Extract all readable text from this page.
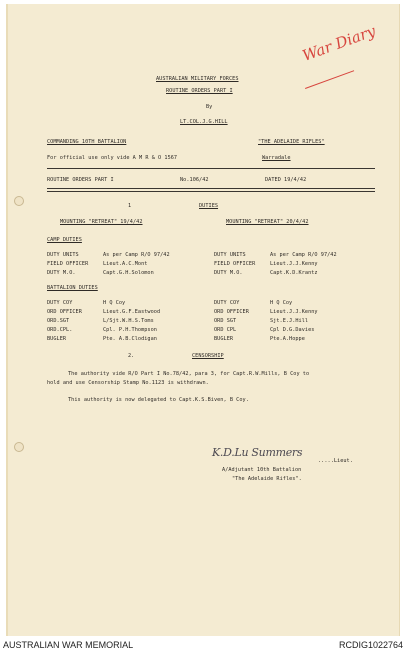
AUSTRALIAN MILITARY FORCES
ROUTINE ORDERS PART I
By
LT.COL.J.G.HILL
COMMANDING 10TH BATTALION	"THE ADELAIDE RIFLES"
For official use only vide A M R & O 1567	Warradale
ROUTINE ORDERS PART I	No.106/42	DATED 19/4/42
War Diary
1	DUTIES
MOUNTING "RETREAT" 19/4/42	MOUNTING "RETREAT" 20/4/42
CAMP DUTIES
DUTY UNITS	As per Camp R/O 97/42
FIELD OFFICER	Lieut.A.C.Mont
DUTY M.O.	Capt.G.H.Solomon
DUTY UNITS	As per Camp R/O 97/42
FIELD OFFICER	Lieut.J.J.Kenny
DUTY M.O.	Capt.K.D.Krantz
BATTALION DUTIES
DUTY COY	H Q Coy
ORD OFFICER	Lieut.G.F.Eastwood
ORD.SGT	L/Sjt.W.H.S.Toms
ORD.CPL.	Cpl. P.H.Thompson
BUGLER	Pte. A.B.Clodigan
DUTY COY	H Q Coy
ORD OFFICER	Lieut.J.J.Kenny
ORD SGT	Sjt.E.J.Hill
ORD CPL	Cpl D.G.Davies
BUGLER	Pte.A.Hoppe
2.	CENSORSHIP
The authority vide R/O Part I No.78/42, para 3, for Capt.R.W.Mills, B Coy to
hold and use Censorship Stamp No.1123 is withdrawn.
This authority is now delegated to Capt.K.S.Biven, B Coy.
K.D.Lu Summers
.....Lieut.
A/Adjutant 10th Battalion
"The Adelaide Rifles".
AUSTRALIAN WAR MEMORIAL	RCDIG1022764
